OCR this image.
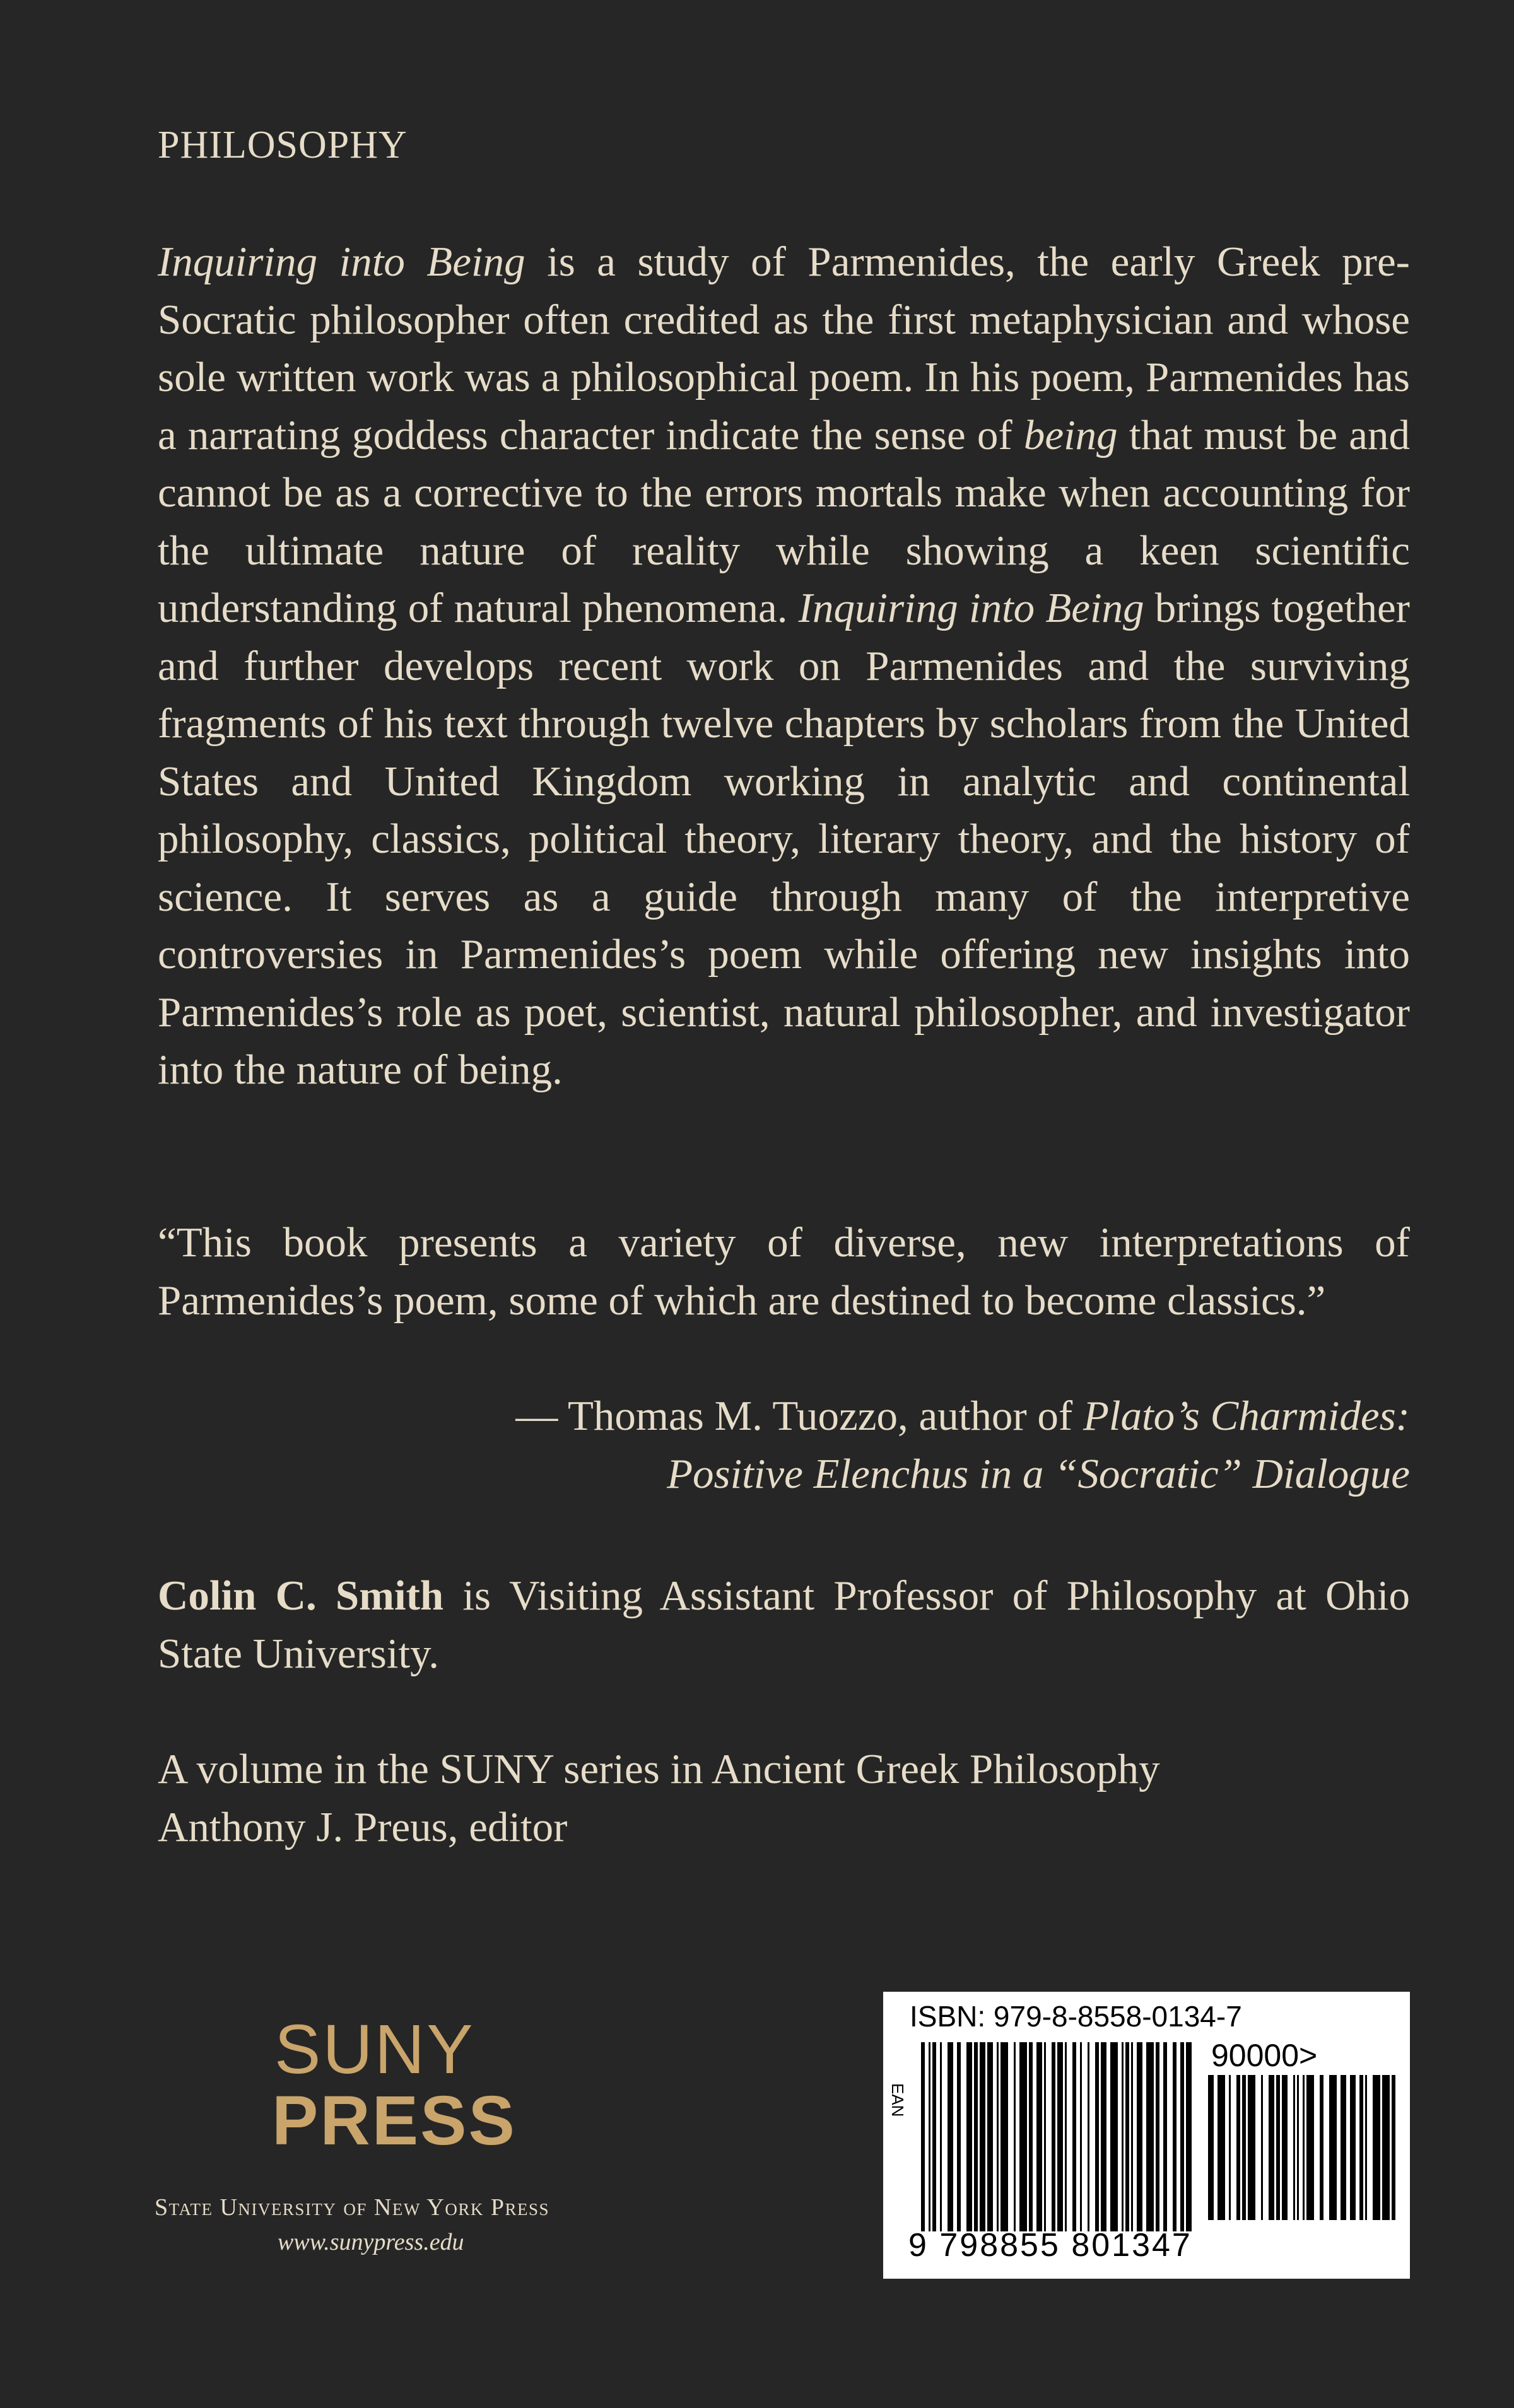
PHILOSOPHY

Inquiring into Being is a study of Parmenides, the early Greek pre-Socratic philosopher often credited as the first metaphysician and whose sole written work was a philosophical poem. In his poem, Parmenides has a narrating goddess character indicate the sense of being that must be and cannot be as a corrective to the errors mortals make when accounting for the ultimate nature of reality while showing a keen scientific understanding of natural phenomena. Inquiring into Being brings together and further develops recent work on Parmenides and the surviving fragments of his text through twelve chapters by scholars from the United States and United Kingdom working in analytic and continental philosophy, classics, political theory, literary theory, and the history of science. It serves as a guide through many of the interpretive controversies in Parmenides’s poem while offering new insights into Parmenides’s role as poet, scientist, natural philosopher, and investigator into the nature of being.

“This book presents a variety of diverse, new interpretations of Parmenides’s poem, some of which are destined to become classics.”

— Thomas M. Tuozzo, author of Plato’s Charmides:
Positive Elenchus in a “Socratic” Dialogue

Colin C. Smith is Visiting Assistant Professor of Philosophy at Ohio State University.

A volume in the SUNY series in Ancient Greek Philosophy
Anthony J. Preus, editor
SUNY
PRESS
State University of New York Press
www.sunypress.edu
ISBN: 979-8-8558-0134-7
EAN
90000>
9 798855 801347
